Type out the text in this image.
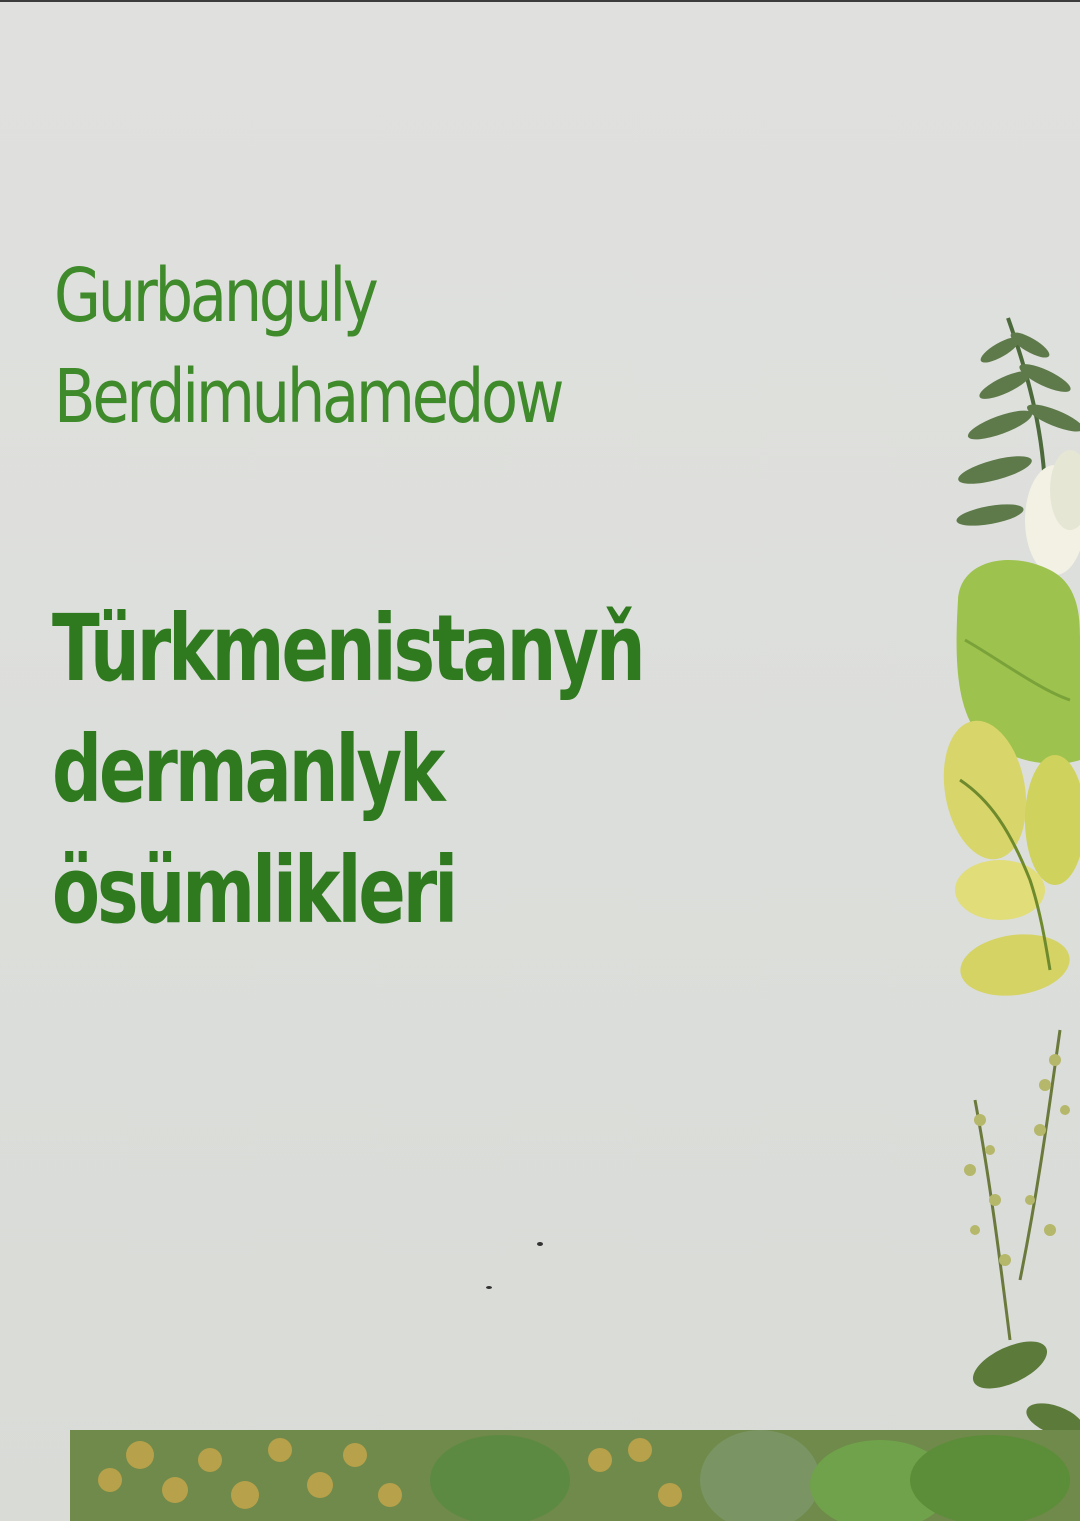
Gurbanguly
Berdimuhamedow
Türkmenistanyň
dermanlyk
ösümlikleri
